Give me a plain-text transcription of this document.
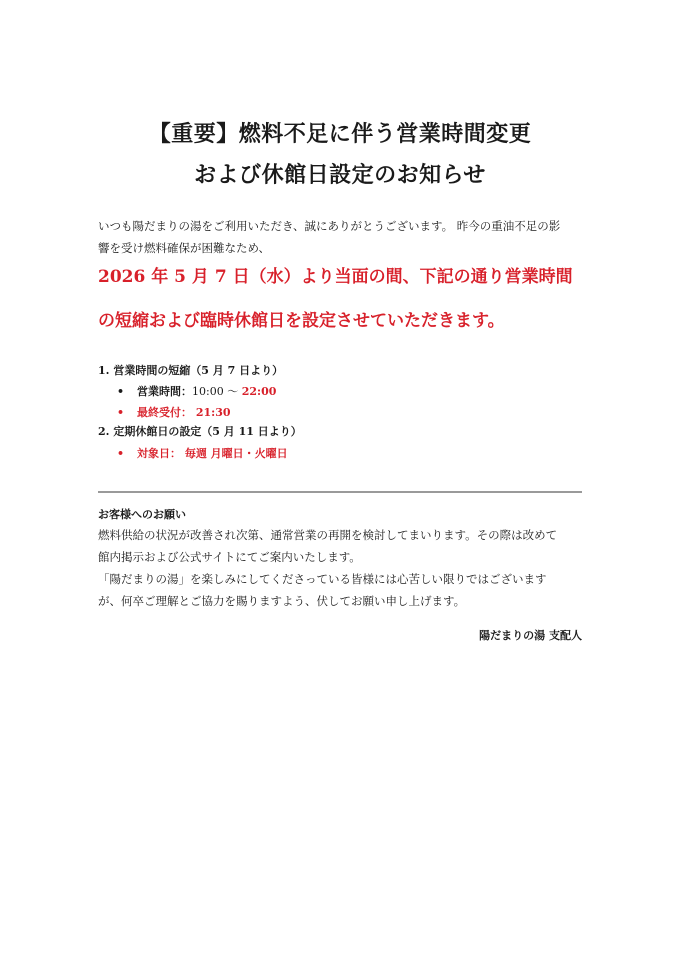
【重要】燃料不足に伴う営業時間変更
および休館日設定のお知らせ
いつも陽だまりの湯をご利用いただき、誠にありがとうございます。 昨今の重油不足の影
響を受け燃料確保が困難なため、
2026 年 5 月 7 日（水）より当面の間、下記の通り営業時間
の短縮および臨時休館日を設定させていただきます。
1. 営業時間の短縮（5 月 7 日より）
• 営業時間：10:00 〜 22:00
• 最終受付： 21:30
2. 定期休館日の設定（5 月 11 日より）
• 対象日： 毎週 月曜日・火曜日
お客様へのお願い

燃料供給の状況が改善され次第、通常営業の再開を検討してまいります。その際は改めて

館内掲示および公式サイトにてご案内いたします。

「陽だまりの湯」を楽しみにしてくださっている皆様には心苦しい限りではございます

が、何卒ご理解とご協力を賜りますよう、伏してお願い申し上げます。

陽だまりの湯 支配人
